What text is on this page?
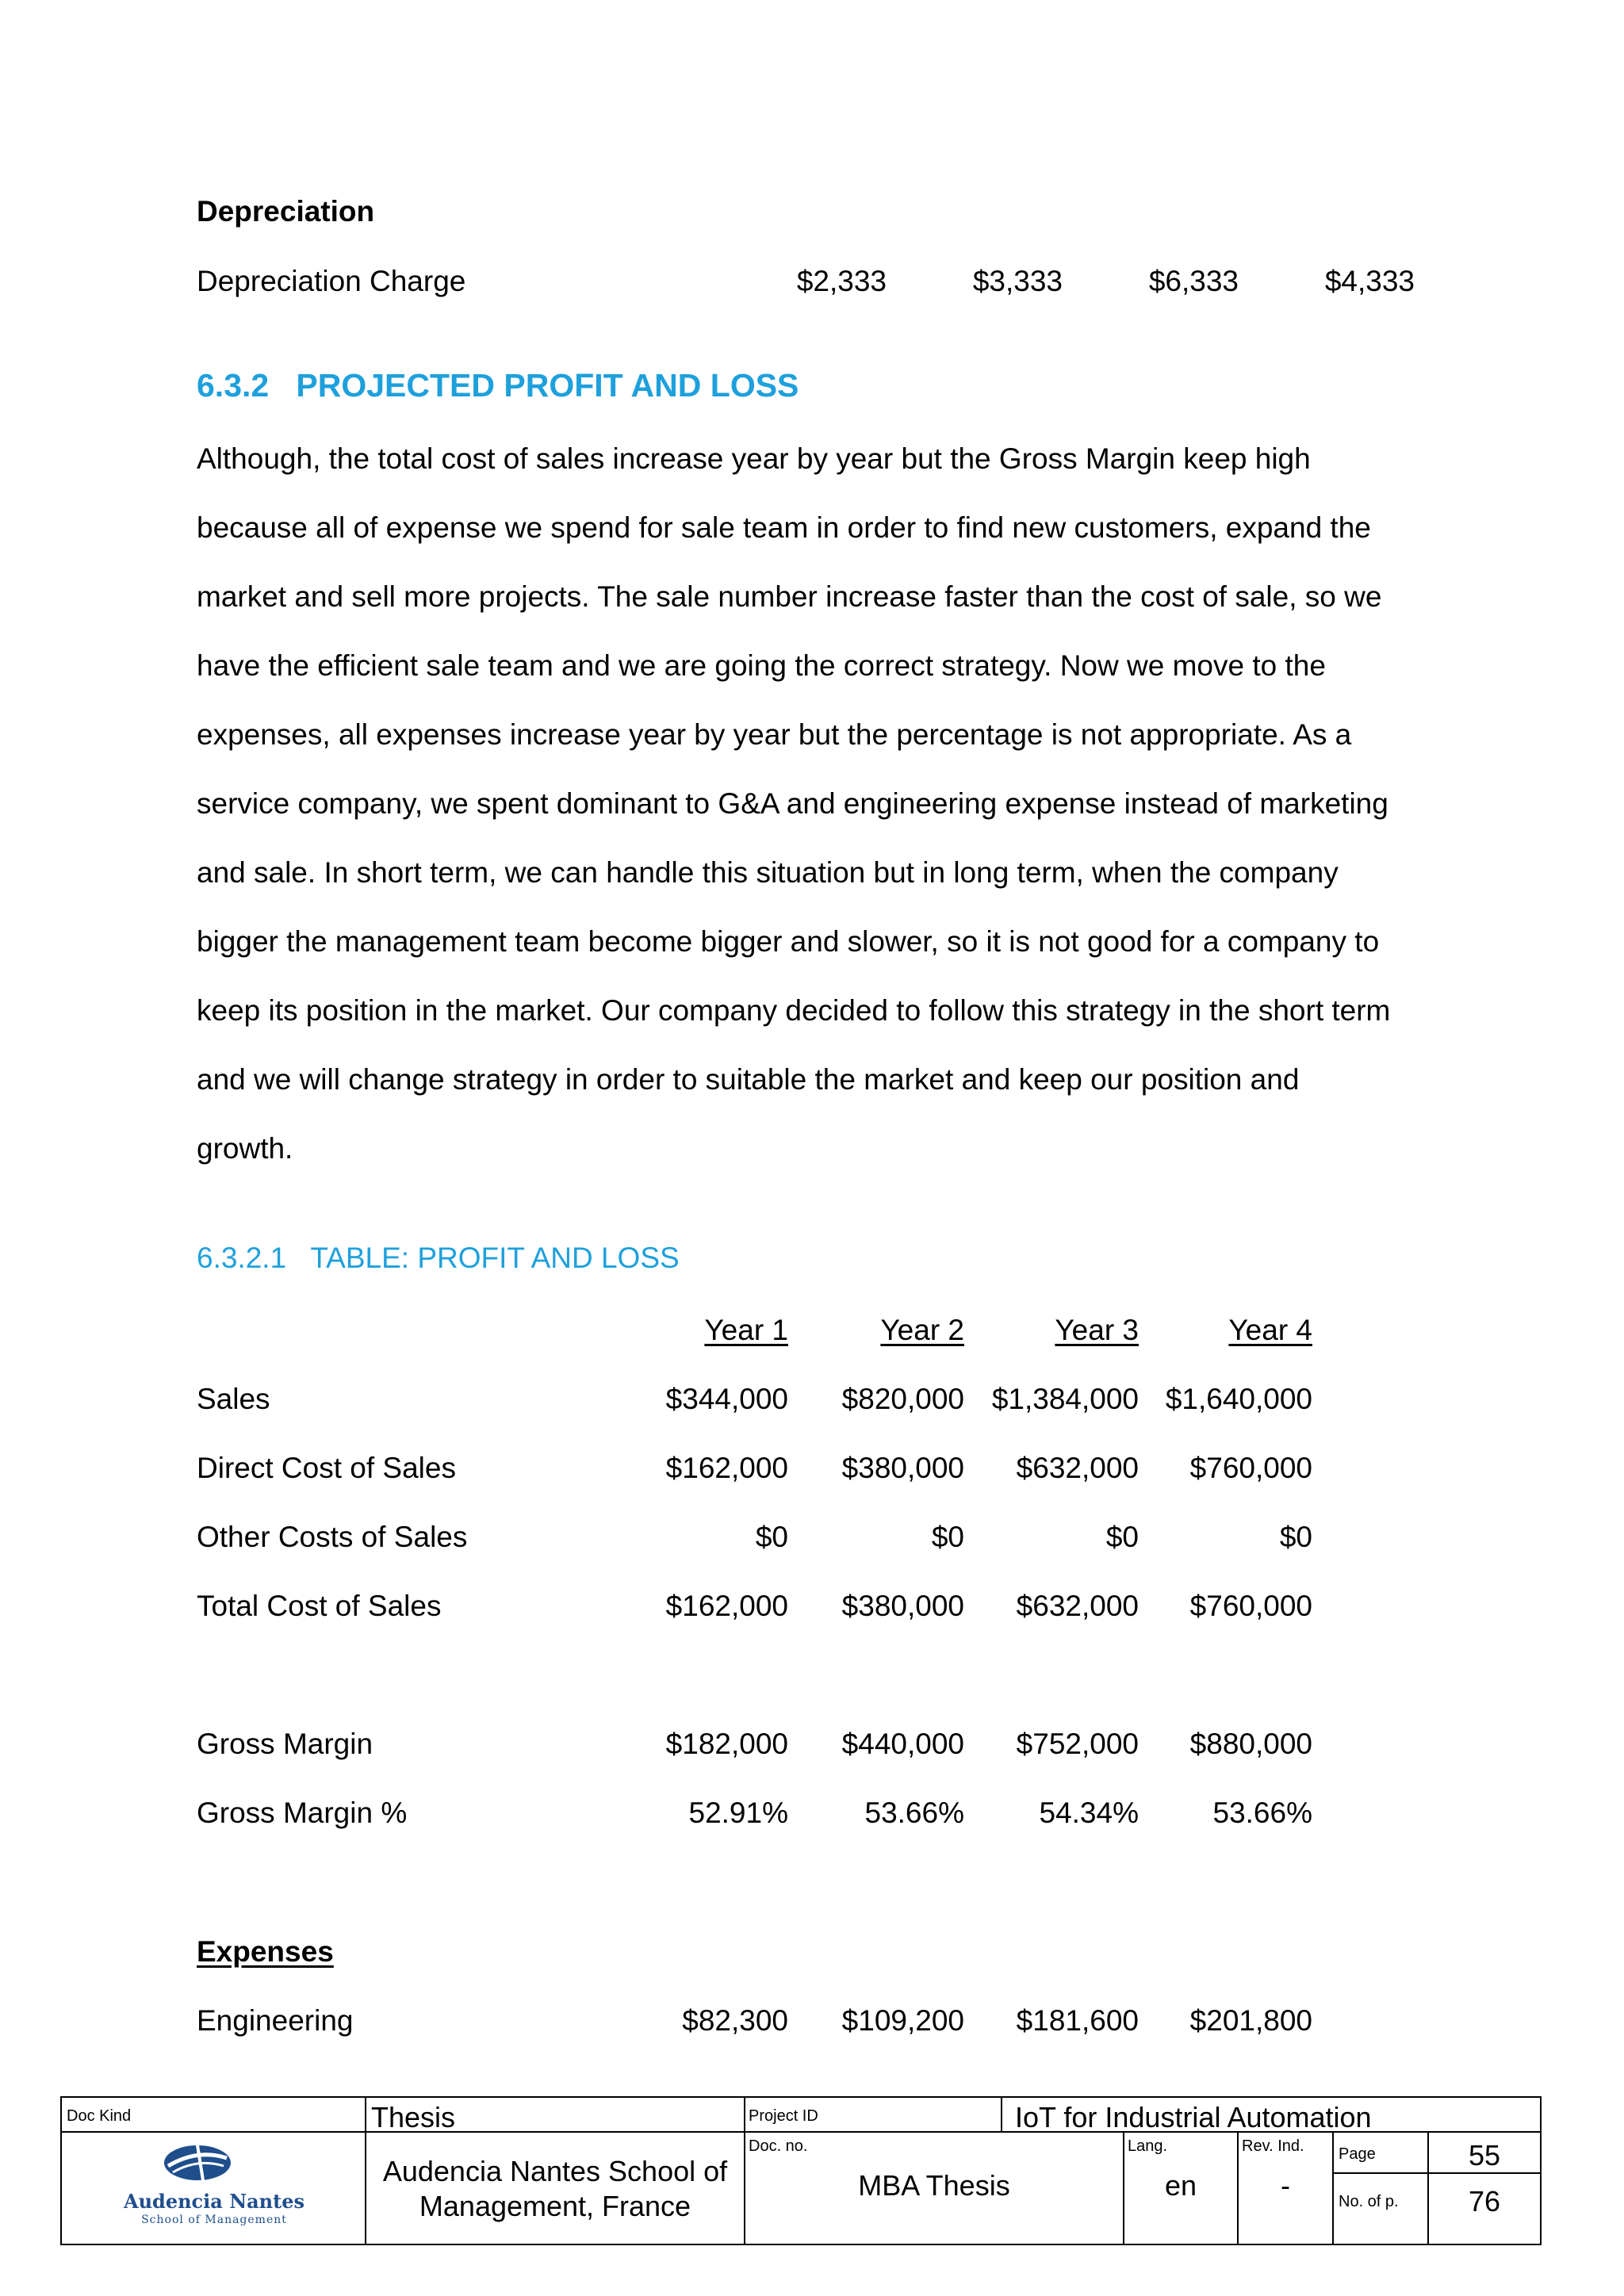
Depreciation
Depreciation Charge	$2,333	$3,333	$6,333	$4,333
6.3.2   PROJECTED PROFIT AND LOSS
Although, the total cost of sales increase year by year but the Gross Margin keep high
because all of expense we spend for sale team in order to find new customers, expand the
market and sell more projects. The sale number increase faster than the cost of sale, so we
have the efficient sale team and we are going the correct strategy. Now we move to the
expenses, all expenses increase year by year but the percentage is not appropriate. As a
service company, we spent dominant to G&A and engineering expense instead of marketing
and sale. In short term, we can handle this situation but in long term, when the company
bigger the management team become bigger and slower, so it is not good for a company to
keep its position in the market. Our company decided to follow this strategy in the short term
and we will change strategy in order to suitable the market and keep our position and
growth.
6.3.2.1   TABLE: PROFIT AND LOSS
Year 1	Year 2	Year 3	Year 4
Sales	$344,000 $820,000 $1,384,000 $1,640,000
Direct Cost of Sales	$162,000 $380,000 $632,000 $760,000
Other Costs of Sales	$0	$0	$0	$0
Total Cost of Sales	$162,000 $380,000 $632,000 $760,000
Gross Margin	$182,000 $440,000 $752,000 $880,000
Gross Margin %	52.91%	53.66%	54.34%	53.66%
Expenses
Engineering	$82,300 $109,200 $181,600 $201,800
Doc Kind	Thesis	Project ID	IoT for Industrial Automation
Audencia Nantes
School of Management
Audencia Nantes School of
Management, France
Doc. no.
MBA Thesis
Lang.
en
Rev. Ind.
-
Page	55
No. of p.	76
